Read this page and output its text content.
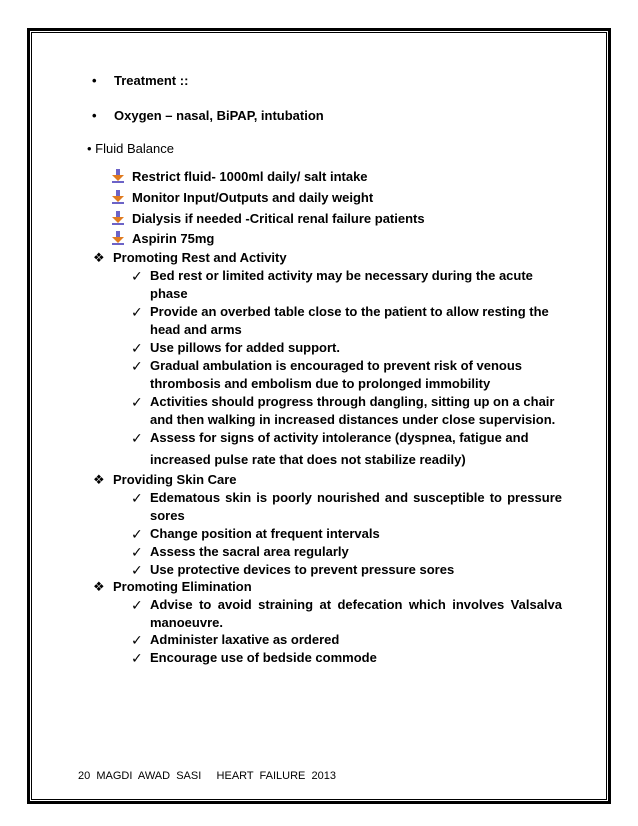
• Treatment ::
• Oxygen – nasal, BiPAP, intubation
• Fluid Balance
Restrict fluid- 1000ml daily/ salt intake
Monitor Input/Outputs and daily weight
Dialysis if needed -Critical renal failure patients
Aspirin 75mg
❖ Promoting Rest and Activity
✓ Bed rest or limited activity may be necessary during the acute
phase
✓ Provide an overbed table close to the patient to allow resting the
head and arms
✓ Use pillows for added support.
✓ Gradual ambulation is encouraged to prevent risk of venous
thrombosis and embolism due to prolonged immobility
✓ Activities should progress through dangling, sitting up on a chair
and then walking in increased distances under close supervision.
✓ Assess for signs of activity intolerance (dyspnea, fatigue and
increased pulse rate that does not stabilize readily)
❖ Providing Skin Care
✓ Edematous skin is poorly nourished and susceptible to pressure
sores
✓ Change position at frequent intervals
✓ Assess the sacral area regularly
✓ Use protective devices to prevent pressure sores
❖ Promoting Elimination
✓ Advise to avoid straining at defecation which involves Valsalva
manoeuvre.
✓ Administer laxative as ordered
✓ Encourage use of bedside commode
20  MAGDI  AWAD  SASI     HEART  FAILURE  2013
